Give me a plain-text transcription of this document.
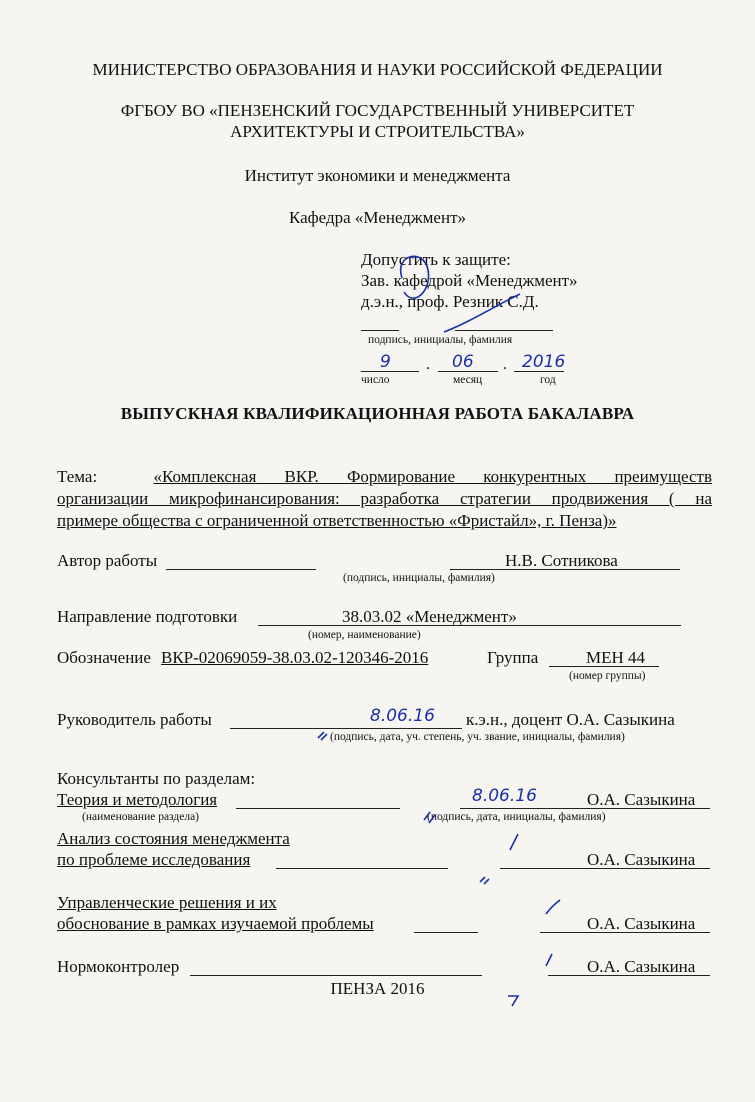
МИНИСТЕРСТВО ОБРАЗОВАНИЯ И НАУКИ РОССИЙСКОЙ ФЕДЕРАЦИИ
ФГБОУ ВО «ПЕНЗЕНСКИЙ ГОСУДАРСТВЕННЫЙ УНИВЕРСИТЕТ
АРХИТЕКТУРЫ И СТРОИТЕЛЬСТВА»
Институт экономики и менеджмента
Кафедра «Менеджмент»
Допустить к защите:
Зав. кафедрой «Менеджмент»
д.э.н., проф. Резник С.Д.
подпись, инициалы, фамилия
9 . 06 . 2016
число	месяц	год
ВЫПУСКНАЯ КВАЛИФИКАЦИОННАЯ РАБОТА БАКАЛАВРА
Тема:	«Комплексная ВКР. Формирование конкурентных преимуществ
организации микрофинансирования: разработка стратегии продвижения ( на
примере общества с ограниченной ответственностью «Фристайл», г. Пенза)»
Автор работы	Н.В. Сотникова
(подпись, инициалы, фамилия)
Направление подготовки	38.03.02 «Менеджмент»
(номер, наименование)
Обозначение ВКР-02069059-38.03.02-120346-2016	Группа	МЕН 44
(номер группы)
Руководитель работы	8.06.16 к.э.н., доцент О.А. Сазыкина
(подпись, дата, уч. степень, уч. звание, инициалы, фамилия)
Консультанты по разделам:
Теория и методология	8.06.16	О.А. Сазыкина
(наименование раздела)	(подпись, дата, инициалы, фамилия)
Анализ состояния менеджмента
по проблеме исследования	О.А. Сазыкина
Управленческие решения и их
обоснование в рамках изучаемой проблемы	О.А. Сазыкина
Нормоконтролер	О.А. Сазыкина
ПЕНЗА 2016
